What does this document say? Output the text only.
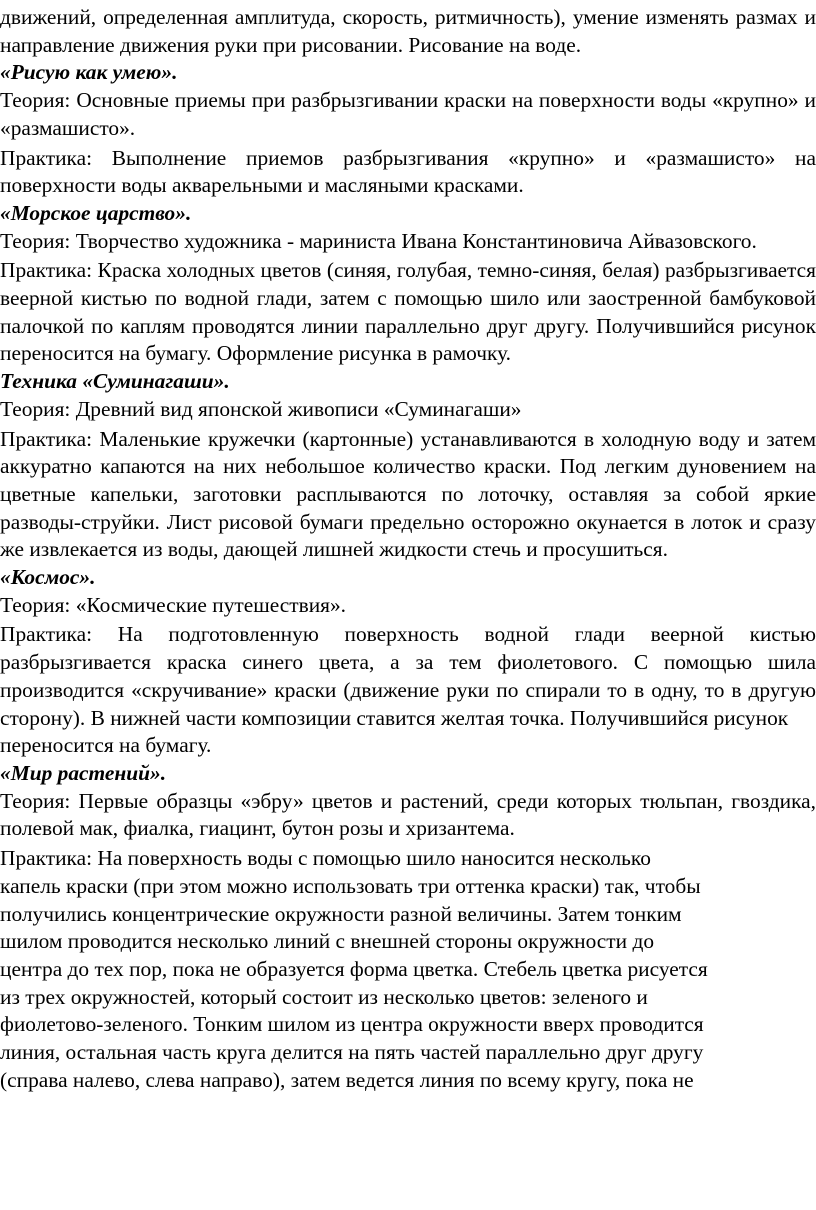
движений, определенная амплитуда, скорость, ритмичность), умение изменять размах и направление движения руки при рисовании. Рисование на воде.

«Рисую как умею».

Теория: Основные приемы при разбрызгивании краски на поверхности воды «крупно» и «размашисто».

Практика: Выполнение приемов разбрызгивания «крупно» и «размашисто» на поверхности воды акварельными и масляными красками.

«Морское царство».

Теория: Творчество художника - мариниста Ивана Константиновича Айвазовского.

Практика: Краска холодных цветов (синяя, голубая, темно-синяя, белая) разбрызгивается веерной кистью по водной глади, затем с помощью шило или заостренной бамбуковой палочкой по каплям проводятся линии параллельно друг другу. Получившийся рисунок переносится на бумагу. Оформление рисунка в рамочку.

Техника «Суминагаши».

Теория: Древний вид японской живописи «Суминагаши»

Практика: Маленькие кружечки (картонные) устанавливаются в холодную воду и затем аккуратно капаются на них небольшое количество краски. Под легким дуновением на цветные капельки, заготовки расплываются по лоточку, оставляя за собой яркие разводы-струйки. Лист рисовой бумаги предельно осторожно окунается в лоток и сразу же извлекается из воды, дающей лишней жидкости стечь и просушиться.

«Космос».

Теория: «Космические путешествия».

Практика: На подготовленную поверхность водной глади веерной кистью разбрызгивается краска синего цвета, а за тем фиолетового. С помощью шила производится «скручивание» краски (движение руки по спирали то в одну, то в другую сторону). В нижней части композиции ставится желтая точка. Получившийся рисунок

переносится на бумагу.

«Мир растений».

Теория: Первые образцы «эбру» цветов и растений, среди которых тюльпан, гвоздика, полевой мак, фиалка, гиацинт, бутон розы и хризантема.

Практика: На поверхность воды с помощью шило наносится несколько
капель краски (при этом можно использовать три оттенка краски) так, чтобы
получились концентрические окружности разной величины. Затем тонким
шилом проводится несколько линий с внешней стороны окружности до
центра до тех пор, пока не образуется форма цветка. Стебель цветка рисуется
из трех окружностей, который состоит из несколько цветов: зеленого и
фиолетово-зеленого. Тонким шилом из центра окружности вверх проводится
линия, остальная часть круга делится на пять частей параллельно друг другу
(справа налево, слева направо), затем ведется линия по всему кругу, пока не
